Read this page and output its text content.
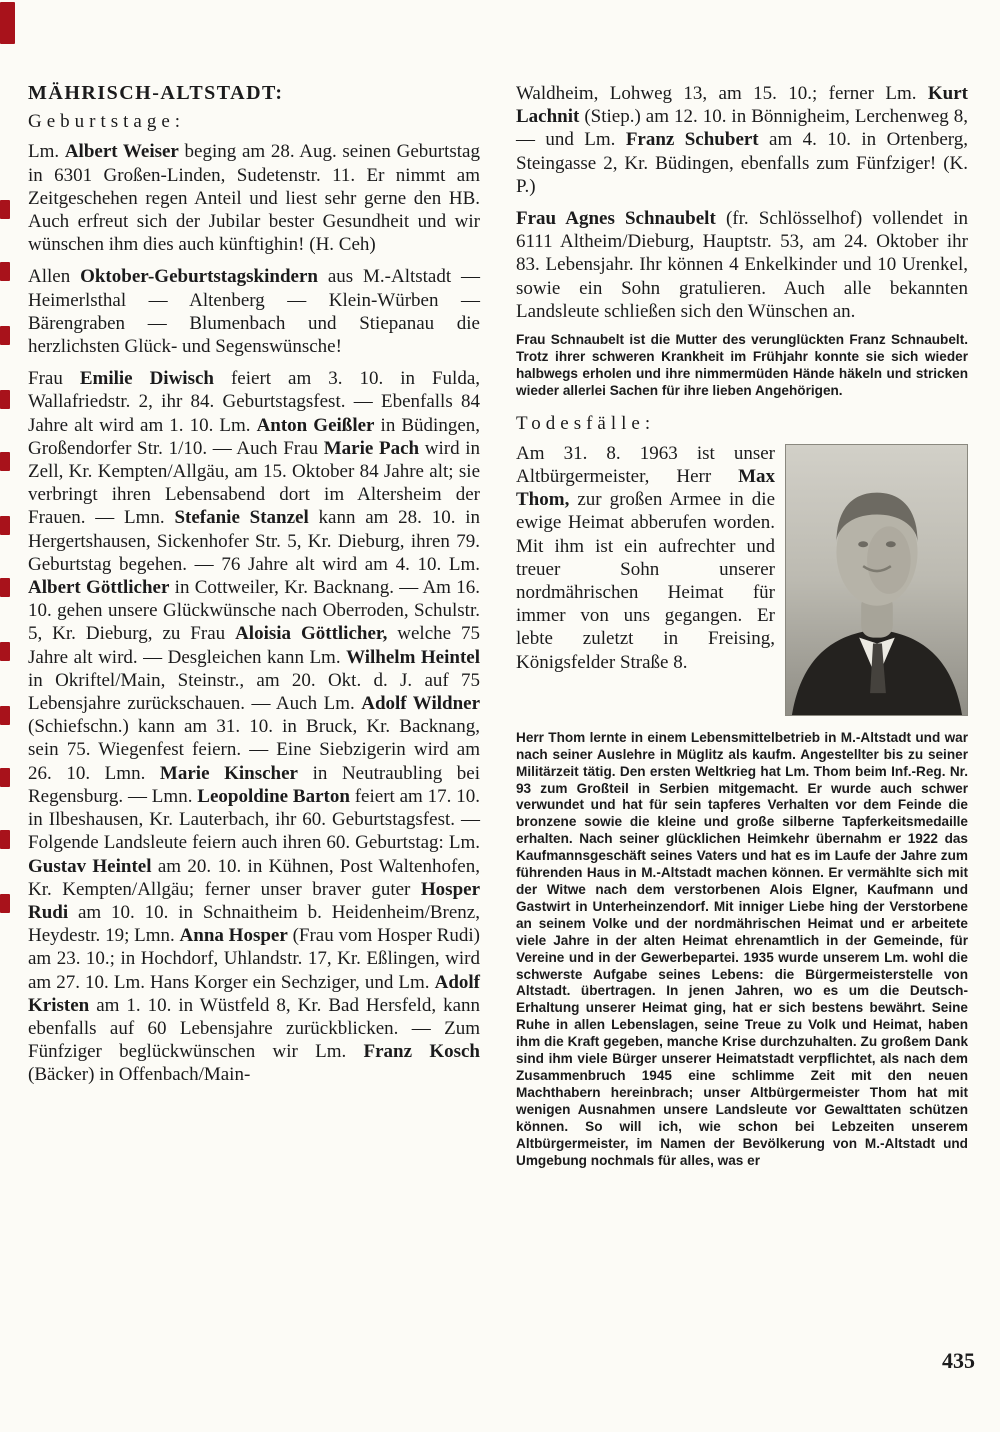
MÄHRISCH-ALTSTADT:
Geburtstage:

Lm. Albert Weiser beging am 28. Aug. seinen Geburtstag in 6301 Großen-Linden, Sudetenstr. 11. Er nimmt am Zeitgeschehen regen Anteil und liest sehr gerne den HB. Auch erfreut sich der Jubilar bester Gesundheit und wir wünschen ihm dies auch künftighin! (H. Ceh)

Allen Oktober-Geburtstagskindern aus M.-Altstadt — Heimerlsthal — Altenberg — Klein-Würben — Bärengraben — Blumenbach und Stiepanau die herzlichsten Glück- und Segenswünsche!

Frau Emilie Diwisch feiert am 3. 10. in Fulda, Wallafriedstr. 2, ihr 84. Geburtstagsfest. — Ebenfalls 84 Jahre alt wird am 1. 10. Lm. Anton Geißler in Büdingen, Großendorfer Str. 1/10. — Auch Frau Marie Pach wird in Zell, Kr. Kempten/Allgäu, am 15. Oktober 84 Jahre alt; sie verbringt ihren Lebensabend dort im Altersheim der Frauen. — Lmn. Stefanie Stanzel kann am 28. 10. in Hergertshausen, Sickenhofer Str. 5, Kr. Dieburg, ihren 79. Geburtstag begehen. — 76 Jahre alt wird am 4. 10. Lm. Albert Göttlicher in Cottweiler, Kr. Backnang. — Am 16. 10. gehen unsere Glückwünsche nach Oberroden, Schulstr. 5, Kr. Dieburg, zu Frau Aloisia Göttlicher, welche 75 Jahre alt wird. — Desgleichen kann Lm. Wilhelm Heintel in Okriftel/Main, Steinstr., am 20. Okt. d. J. auf 75 Lebensjahre zurückschauen. — Auch Lm. Adolf Wildner (Schiefschn.) kann am 31. 10. in Bruck, Kr. Backnang, sein 75. Wiegenfest feiern. — Eine Siebzigerin wird am 26. 10. Lmn. Marie Kinscher in Neutraubling bei Regensburg. — Lmn. Leopoldine Barton feiert am 17. 10. in Ilbeshausen, Kr. Lauterbach, ihr 60. Geburtstagsfest. — Folgende Landsleute feiern auch ihren 60. Geburtstag: Lm. Gustav Heintel am 20. 10. in Kühnen, Post Waltenhofen, Kr. Kempten/Allgäu; ferner unser braver guter Hosper Rudi am 10. 10. in Schnaitheim b. Heidenheim/Brenz, Heydestr. 19; Lmn. Anna Hosper (Frau vom Hosper Rudi) am 23. 10.; in Hochdorf, Uhlandstr. 17, Kr. Eßlingen, wird am 27. 10. Lm. Hans Korger ein Sechziger, und Lm. Adolf Kristen am 1. 10. in Wüstfeld 8, Kr. Bad Hersfeld, kann ebenfalls auf 60 Lebensjahre zurückblicken. — Zum Fünfziger beglückwünschen wir Lm. Franz Kosch (Bäcker) in Offenbach/Main-

Waldheim, Lohweg 13, am 15. 10.; ferner Lm. Kurt Lachnit (Stiep.) am 12. 10. in Bönnigheim, Lerchenweg 8, — und Lm. Franz Schubert am 4. 10. in Ortenberg, Steingasse 2, Kr. Büdingen, ebenfalls zum Fünfziger! (K. P.)

Frau Agnes Schnaubelt (fr. Schlösselhof) vollendet in 6111 Altheim/Dieburg, Hauptstr. 53, am 24. Oktober ihr 83. Lebensjahr. Ihr können 4 Enkelkinder und 10 Urenkel, sowie ein Sohn gratulieren. Auch alle bekannten Landsleute schließen sich den Wünschen an.

Frau Schnaubelt ist die Mutter des verunglückten Franz Schnaubelt. Trotz ihrer schweren Krankheit im Frühjahr konnte sie sich wieder halbwegs erholen und ihre nimmermüden Hände häkeln und stricken wieder allerlei Sachen für ihre lieben Angehörigen.

Todesfälle:

Am 31. 8. 1963 ist unser Altbürgermeister, Herr Max Thom, zur großen Armee in die ewige Heimat abberufen worden. Mit ihm ist ein aufrechter und treuer Sohn unserer nordmährischen Heimat für immer von uns gegangen. Er lebte zuletzt in Freising, Königsfelder Straße 8.

Herr Thom lernte in einem Lebensmittelbetrieb in M.-Altstadt und war nach seiner Auslehre in Müglitz als kaufm. Angestellter bis zu seiner Militärzeit tätig. Den ersten Weltkrieg hat Lm. Thom beim Inf.-Reg. Nr. 93 zum Großteil in Serbien mitgemacht. Er wurde auch schwer verwundet und hat für sein tapferes Verhalten vor dem Feinde die bronzene sowie die kleine und große silberne Tapferkeitsmedaille erhalten. Nach seiner glücklichen Heimkehr übernahm er 1922 das Kaufmannsgeschäft seines Vaters und hat es im Laufe der Jahre zum führenden Haus in M.-Altstadt machen können. Er vermählte sich mit der Witwe nach dem verstorbenen Alois Elgner, Kaufmann und Gastwirt in Unterheinzendorf. Mit inniger Liebe hing der Verstorbene an seinem Volke und der nordmährischen Heimat und er arbeitete viele Jahre in der alten Heimat ehrenamtlich in der Gemeinde, für Vereine und in der Gewerbepartei. 1935 wurde unserem Lm. wohl die schwerste Aufgabe seines Lebens: die Bürgermeisterstelle von Altstadt. übertragen. In jenen Jahren, wo es um die Deutsch-Erhaltung unserer Heimat ging, hat er sich bestens bewährt. Seine Ruhe in allen Lebenslagen, seine Treue zu Volk und Heimat, haben ihm die Kraft gegeben, manche Krise durchzuhalten. Zu großem Dank sind ihm viele Bürger unserer Heimatstadt verpflichtet, als nach dem Zusammenbruch 1945 eine schlimme Zeit mit den neuen Machthabern hereinbrach; unser Altbürgermeister Thom hat mit wenigen Ausnahmen unsere Landsleute vor Gewalttaten schützen können. So will ich, wie schon bei Lebzeiten unserem Altbürgermeister, im Namen der Bevölkerung von M.-Altstadt und Umgebung nochmals für alles, was er

435
